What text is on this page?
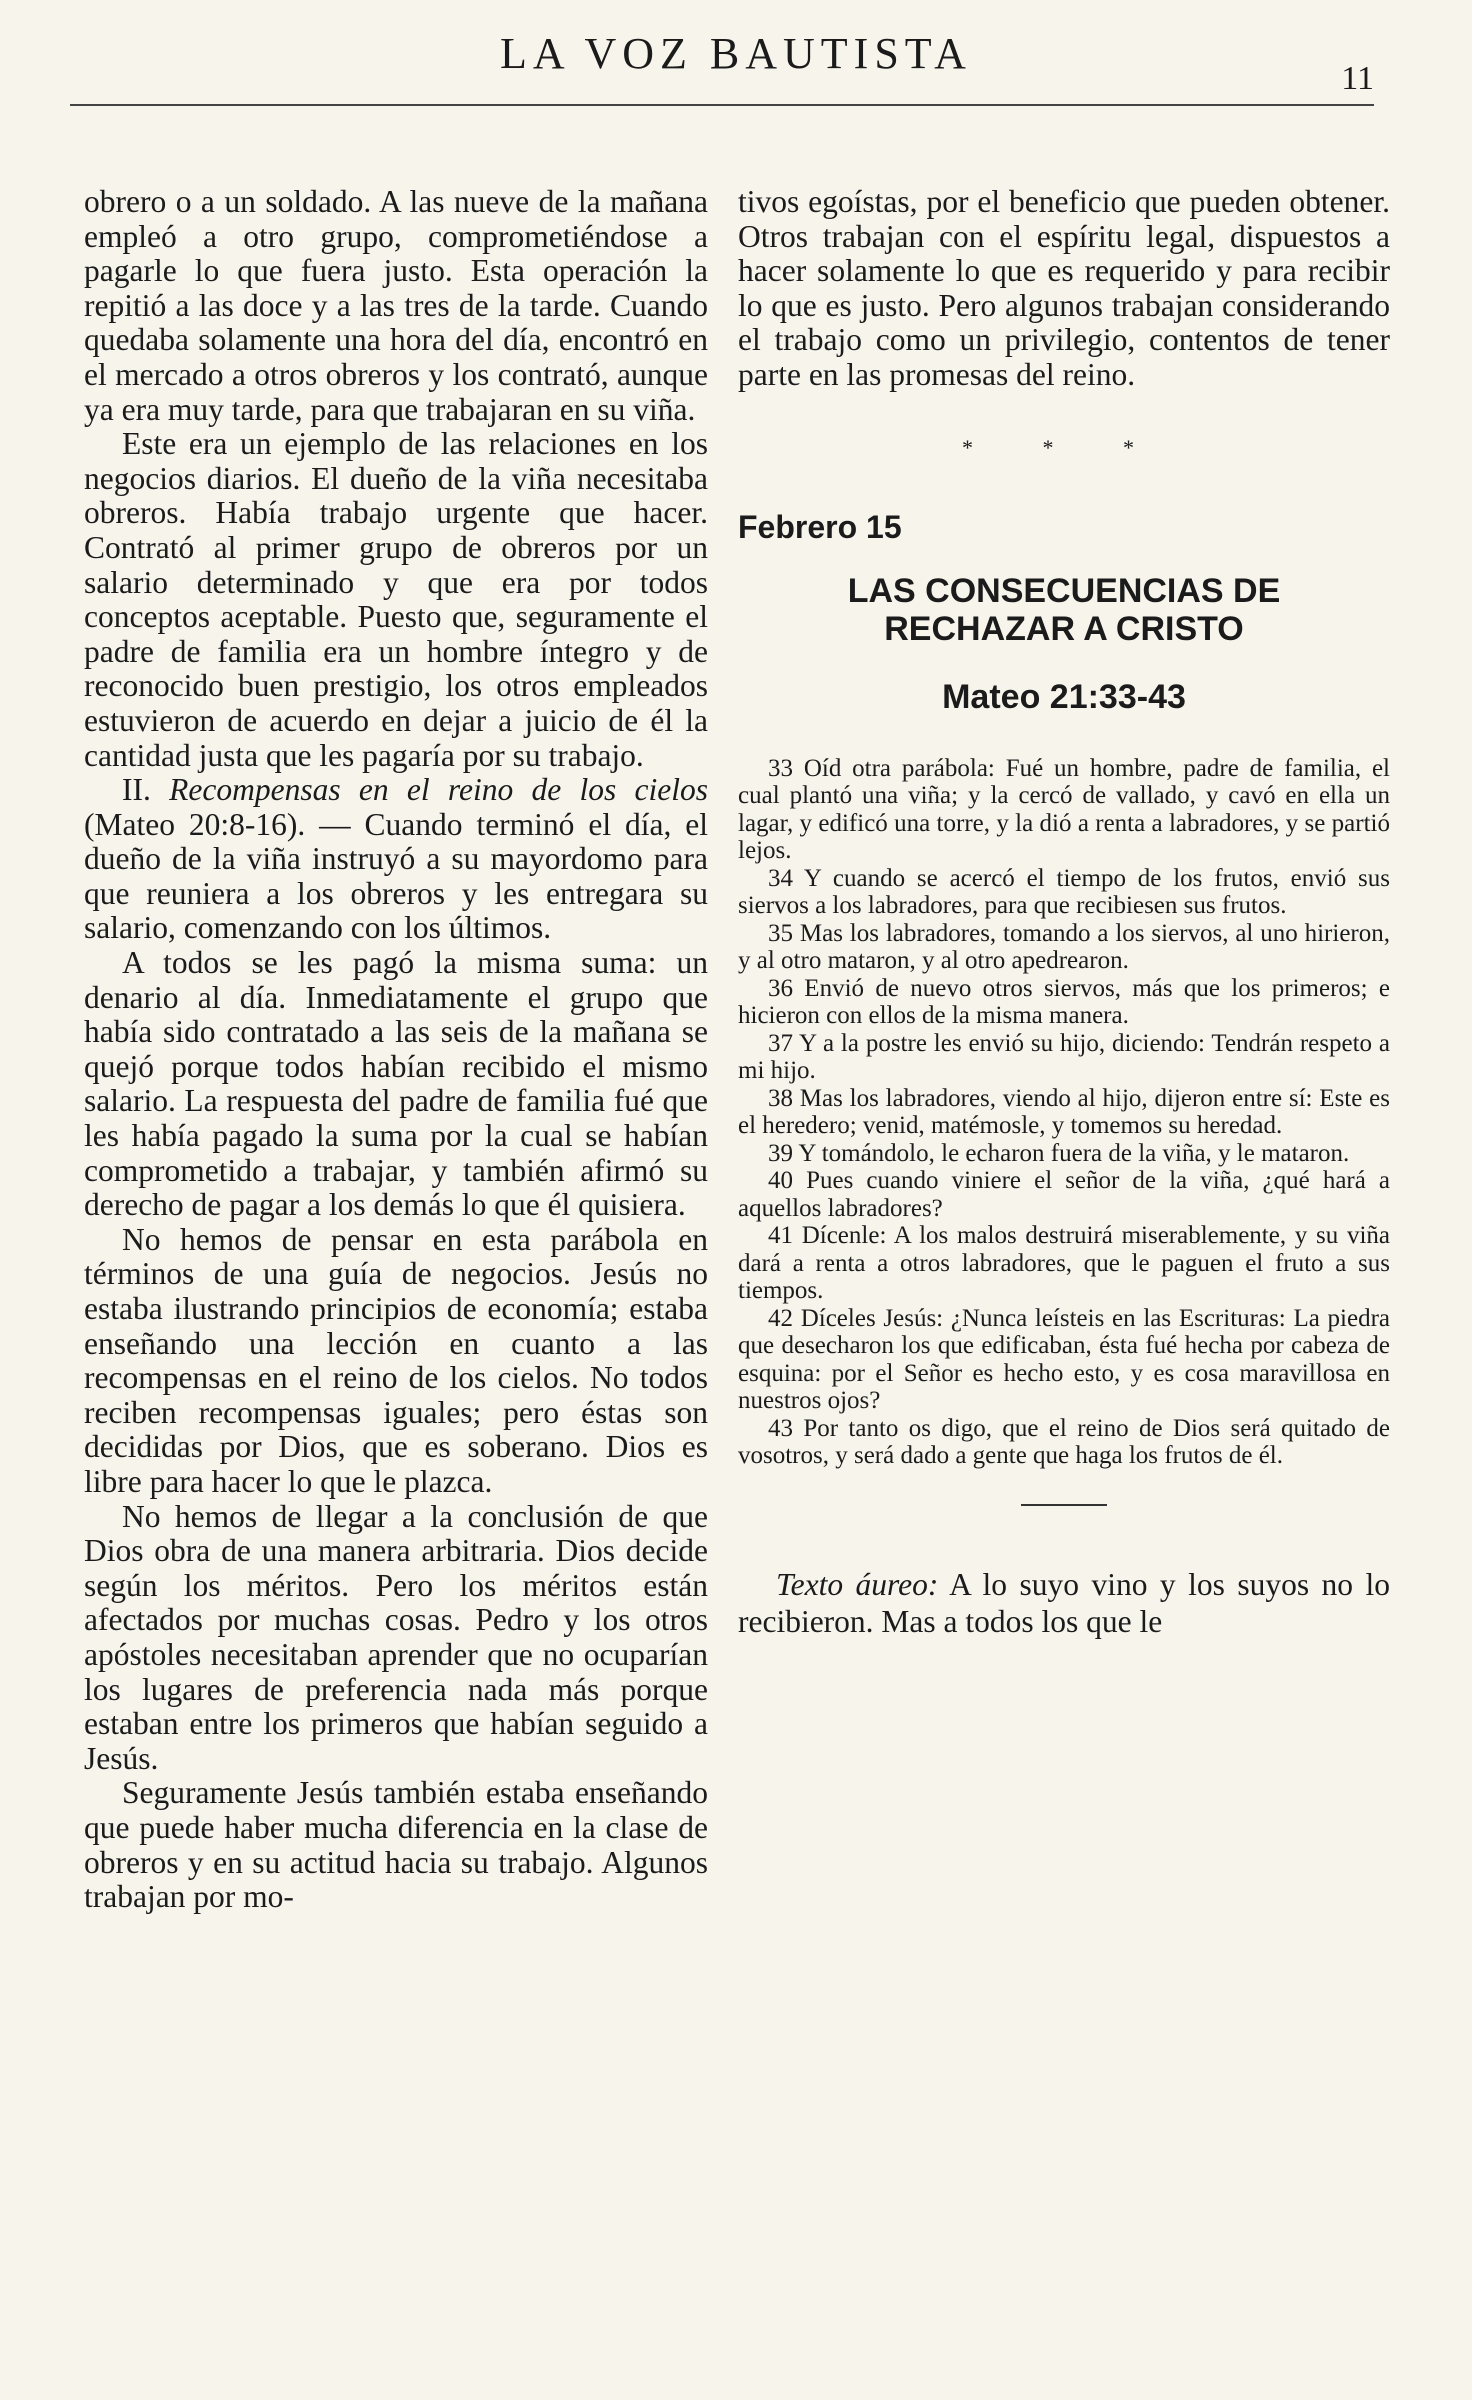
LA VOZ BAUTISTA
11

obrero o a un soldado. A las nueve de la mañana empleó a otro grupo, comprometiéndose a pagarle lo que fuera justo. Esta operación la repitió a las doce y a las tres de la tarde. Cuando quedaba solamente una hora del día, encontró en el mercado a otros obreros y los contrató, aunque ya era muy tarde, para que trabajaran en su viña.

Este era un ejemplo de las relaciones en los negocios diarios. El dueño de la viña necesitaba obreros. Había trabajo urgente que hacer. Contrató al primer grupo de obreros por un salario determinado y que era por todos conceptos aceptable. Puesto que, seguramente el padre de familia era un hombre íntegro y de reconocido buen prestigio, los otros empleados estuvieron de acuerdo en dejar a juicio de él la cantidad justa que les pagaría por su trabajo.

II. Recompensas en el reino de los cielos (Mateo 20:8-16). — Cuando terminó el día, el dueño de la viña instruyó a su mayordomo para que reuniera a los obreros y les entregara su salario, comenzando con los últimos.

A todos se les pagó la misma suma: un denario al día. Inmediatamente el grupo que había sido contratado a las seis de la mañana se quejó porque todos habían recibido el mismo salario. La respuesta del padre de familia fué que les había pagado la suma por la cual se habían comprometido a trabajar, y también afirmó su derecho de pagar a los demás lo que él quisiera.

No hemos de pensar en esta parábola en términos de una guía de negocios. Jesús no estaba ilustrando principios de economía; estaba enseñando una lección en cuanto a las recompensas en el reino de los cielos. No todos reciben recompensas iguales; pero éstas son decididas por Dios, que es soberano. Dios es libre para hacer lo que le plazca.

No hemos de llegar a la conclusión de que Dios obra de una manera arbitraria. Dios decide según los méritos. Pero los méritos están afectados por muchas cosas. Pedro y los otros apóstoles necesitaban aprender que no ocuparían los lugares de preferencia nada más porque estaban entre los primeros que habían seguido a Jesús.

Seguramente Jesús también estaba enseñando que puede haber mucha diferencia en la clase de obreros y en su actitud hacia su trabajo. Algunos trabajan por mo-

tivos egoístas, por el beneficio que pueden obtener. Otros trabajan con el espíritu legal, dispuestos a hacer solamente lo que es requerido y para recibir lo que es justo. Pero algunos trabajan considerando el trabajo como un privilegio, contentos de tener parte en las promesas del reino.

* * *
Febrero 15
LAS CONSECUENCIAS DE
RECHAZAR A CRISTO
Mateo 21:33-43

33 Oíd otra parábola: Fué un hombre, padre de familia, el cual plantó una viña; y la cercó de vallado, y cavó en ella un lagar, y edificó una torre, y la dió a renta a labradores, y se partió lejos.

34 Y cuando se acercó el tiempo de los frutos, envió sus siervos a los labradores, para que recibiesen sus frutos.

35 Mas los labradores, tomando a los siervos, al uno hirieron, y al otro mataron, y al otro apedrearon.

36 Envió de nuevo otros siervos, más que los primeros; e hicieron con ellos de la misma manera.

37 Y a la postre les envió su hijo, diciendo: Tendrán respeto a mi hijo.

38 Mas los labradores, viendo al hijo, dijeron entre sí: Este es el heredero; venid, matémosle, y tomemos su heredad.

39 Y tomándolo, le echaron fuera de la viña, y le mataron.

40 Pues cuando viniere el señor de la viña, ¿qué hará a aquellos labradores?

41 Dícenle: A los malos destruirá miserablemente, y su viña dará a renta a otros labradores, que le paguen el fruto a sus tiempos.

42 Díceles Jesús: ¿Nunca leísteis en las Escrituras: La piedra que desecharon los que edificaban, ésta fué hecha por cabeza de esquina: por el Señor es hecho esto, y es cosa maravillosa en nuestros ojos?

43 Por tanto os digo, que el reino de Dios será quitado de vosotros, y será dado a gente que haga los frutos de él.

Texto áureo: A lo suyo vino y los suyos no lo recibieron. Mas a todos los que le
